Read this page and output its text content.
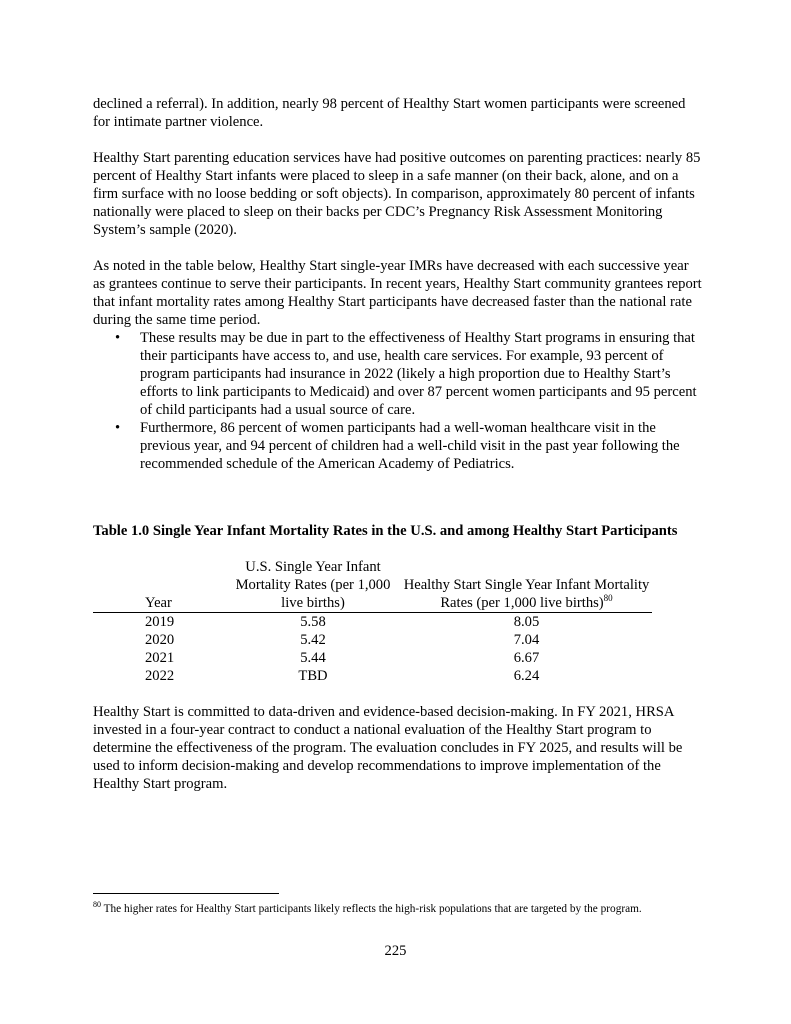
declined a referral). In addition, nearly 98 percent of Healthy Start women participants were screened for intimate partner violence.

Healthy Start parenting education services have had positive outcomes on parenting practices: nearly 85 percent of Healthy Start infants were placed to sleep in a safe manner (on their back, alone, and on a firm surface with no loose bedding or soft objects). In comparison, approximately 80 percent of infants nationally were placed to sleep on their backs per CDC’s Pregnancy Risk Assessment Monitoring System’s sample (2020).

As noted in the table below, Healthy Start single-year IMRs have decreased with each successive year as grantees continue to serve their participants. In recent years, Healthy Start community grantees report that infant mortality rates among Healthy Start participants have decreased faster than the national rate during the same time period.

• These results may be due in part to the effectiveness of Healthy Start programs in ensuring that their participants have access to, and use, health care services. For example, 93 percent of program participants had insurance in 2022 (likely a high proportion due to Healthy Start’s efforts to link participants to Medicaid) and over 87 percent women participants and 95 percent of child participants had a usual source of care.
• Furthermore, 86 percent of women participants had a well-woman healthcare visit in the previous year, and 94 percent of children had a well-child visit in the past year following the recommended schedule of the American Academy of Pediatrics.

Table 1.0 Single Year Infant Mortality Rates in the U.S. and among Healthy Start Participants

Year	U.S. Single Year Infant Mortality Rates (per 1,000 live births)	Healthy Start Single Year Infant Mortality Rates (per 1,000 live births)$^{80}$
2019	5.58	8.05
2020	5.42	7.04
2021	5.44	6.67
2022	TBD	6.24

Healthy Start is committed to data-driven and evidence-based decision-making. In FY 2021, HRSA invested in a four-year contract to conduct a national evaluation of the Healthy Start program to determine the effectiveness of the program. The evaluation concludes in FY 2025, and results will be used to inform decision-making and develop recommendations to improve implementation of the Healthy Start program.

$^{80}$ The higher rates for Healthy Start participants likely reflects the high-risk populations that are targeted by the program.
225
